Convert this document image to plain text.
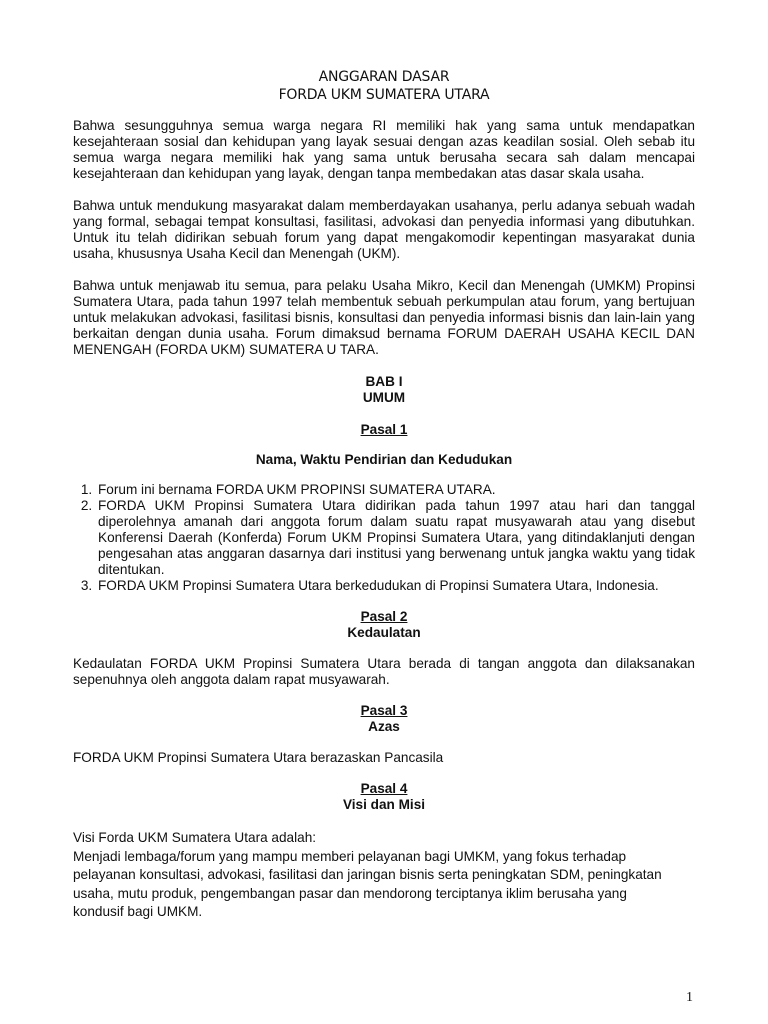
ANGGARAN DASAR
FORDA UKM SUMATERA UTARA

Bahwa sesungguhnya semua warga negara RI memiliki hak yang sama untuk mendapatkan kesejahteraan sosial dan kehidupan yang layak sesuai dengan azas keadilan sosial. Oleh sebab itu semua warga negara memiliki hak yang sama untuk berusaha secara sah dalam mencapai kesejahteraan dan kehidupan yang layak, dengan tanpa membedakan atas dasar skala usaha.

Bahwa untuk mendukung masyarakat dalam memberdayakan usahanya, perlu adanya sebuah wadah yang formal, sebagai tempat konsultasi, fasilitasi, advokasi dan penyedia informasi yang dibutuhkan. Untuk itu telah didirikan sebuah forum yang dapat mengakomodir kepentingan masyarakat dunia usaha, khususnya Usaha Kecil dan Menengah (UKM).

Bahwa untuk menjawab itu semua, para pelaku Usaha Mikro, Kecil dan Menengah (UMKM) Propinsi Sumatera Utara, pada tahun 1997 telah membentuk sebuah perkumpulan atau forum, yang bertujuan untuk melakukan advokasi, fasilitasi bisnis, konsultasi dan penyedia informasi bisnis dan lain-lain yang berkaitan dengan dunia usaha. Forum dimaksud bernama FORUM DAERAH USAHA KECIL DAN MENENGAH (FORDA UKM) SUMATERA U TARA.

BAB I
UMUM
Pasal 1
Nama, Waktu Pendirian dan Kedudukan
1. Forum ini bernama FORDA UKM PROPINSI SUMATERA UTARA.
2. FORDA UKM Propinsi Sumatera Utara didirikan pada tahun 1997 atau hari dan tanggal diperolehnya amanah dari anggota forum dalam suatu rapat musyawarah atau yang disebut Konferensi Daerah (Konferda) Forum UKM Propinsi Sumatera Utara, yang ditindaklanjuti dengan pengesahan atas anggaran dasarnya dari institusi yang berwenang untuk jangka waktu yang tidak ditentukan.
3. FORDA UKM Propinsi Sumatera Utara berkedudukan di Propinsi Sumatera Utara, Indonesia.
Pasal 2
Kedaulatan

Kedaulatan FORDA UKM Propinsi Sumatera Utara berada di tangan anggota dan dilaksanakan sepenuhnya oleh anggota dalam rapat musyawarah.

Pasal 3
Azas

FORDA UKM Propinsi Sumatera Utara berazaskan Pancasila

Pasal 4
Visi dan Misi

Visi Forda UKM Sumatera Utara adalah:

Menjadi lembaga/forum yang mampu memberi pelayanan bagi UMKM, yang fokus terhadap

pelayanan konsultasi, advokasi, fasilitasi dan jaringan bisnis serta peningkatan SDM, peningkatan

usaha, mutu produk, pengembangan pasar dan mendorong terciptanya iklim berusaha yang

kondusif bagi UMKM.

1
